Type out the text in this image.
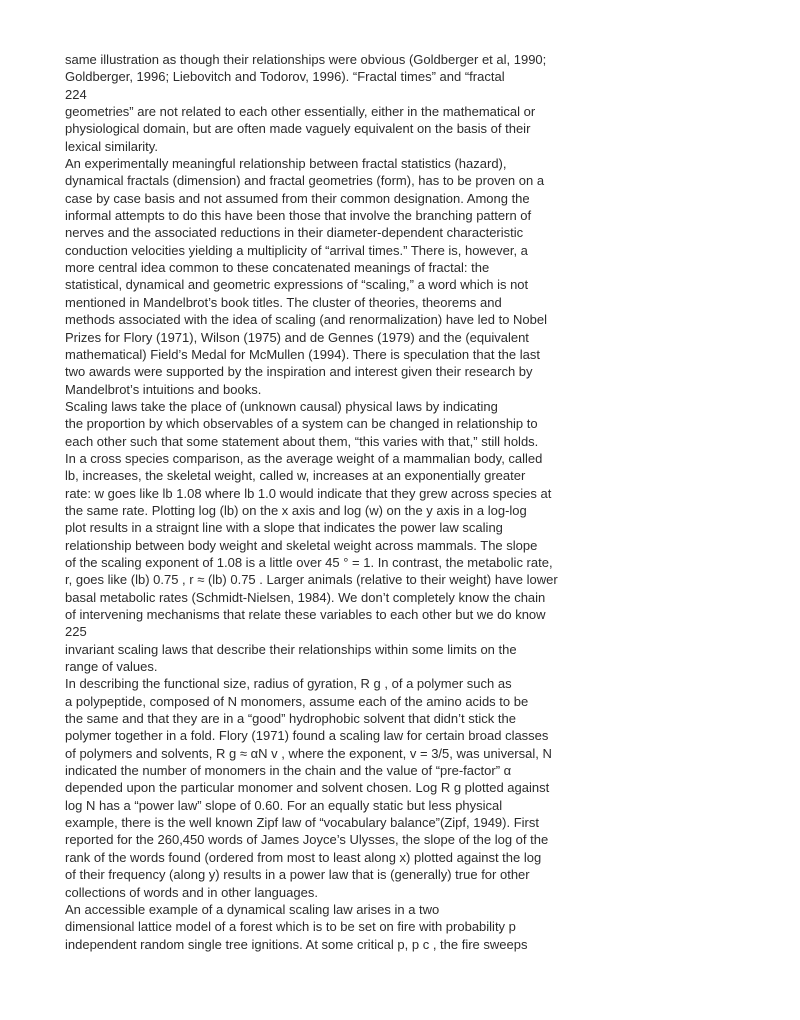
same illustration as though their relationships were obvious (Goldberger et al, 1990;
Goldberger, 1996; Liebovitch and Todorov, 1996). “Fractal times” and “fractal
224
geometries” are not related to each other essentially, either in the mathematical or
physiological domain, but are often made vaguely equivalent on the basis of their
lexical similarity.
An experimentally meaningful relationship between fractal statistics (hazard),
dynamical fractals (dimension) and fractal geometries (form), has to be proven on a
case by case basis and not assumed from their common designation. Among the
informal attempts to do this have been those that involve the branching pattern of
nerves and the associated reductions in their diameter-dependent characteristic
conduction velocities yielding a multiplicity of “arrival times.” There is, however, a
more central idea common to these concatenated meanings of fractal: the
statistical, dynamical and geometric expressions of “scaling,” a word which is not
mentioned in Mandelbrot’s book titles. The cluster of theories, theorems and
methods associated with the idea of scaling (and renormalization) have led to Nobel
Prizes for Flory (1971), Wilson (1975) and de Gennes (1979) and the (equivalent
mathematical) Field’s Medal for McMullen (1994). There is speculation that the last
two awards were supported by the inspiration and interest given their research by
Mandelbrot’s intuitions and books.
Scaling laws take the place of (unknown causal) physical laws by indicating
the proportion by which observables of a system can be changed in relationship to
each other such that some statement about them, “this varies with that,” still holds.
In a cross species comparison, as the average weight of a mammalian body, called
lb, increases, the skeletal weight, called w, increases at an exponentially greater
rate: w goes like lb 1.08 where lb 1.0 would indicate that they grew across species at
the same rate. Plotting log (lb) on the x axis and log (w) on the y axis in a log-log
plot results in a straignt line with a slope that indicates the power law scaling
relationship between body weight and skeletal weight across mammals. The slope
of the scaling exponent of 1.08 is a little over 45 ° = 1. In contrast, the metabolic rate,
r, goes like (lb) 0.75 , r ≈ (lb) 0.75 . Larger animals (relative to their weight) have lower
basal metabolic rates (Schmidt-Nielsen, 1984). We don’t completely know the chain
of intervening mechanisms that relate these variables to each other but we do know
225
invariant scaling laws that describe their relationships within some limits on the
range of values.
In describing the functional size, radius of gyration, R g , of a polymer such as
a polypeptide, composed of N monomers, assume each of the amino acids to be
the same and that they are in a “good” hydrophobic solvent that didn’t stick the
polymer together in a fold. Flory (1971) found a scaling law for certain broad classes
of polymers and solvents, R g ≈ αN v , where the exponent, v = 3/5, was universal, N
indicated the number of monomers in the chain and the value of “pre-factor” α
depended upon the particular monomer and solvent chosen. Log R g plotted against
log N has a “power law” slope of 0.60. For an equally static but less physical
example, there is the well known Zipf law of “vocabulary balance”(Zipf, 1949). First
reported for the 260,450 words of James Joyce’s Ulysses, the slope of the log of the
rank of the words found (ordered from most to least along x) plotted against the log
of their frequency (along y) results in a power law that is (generally) true for other
collections of words and in other languages.
An accessible example of a dynamical scaling law arises in a two
dimensional lattice model of a forest which is to be set on fire with probability p
independent random single tree ignitions. At some critical p, p c , the fire sweeps
